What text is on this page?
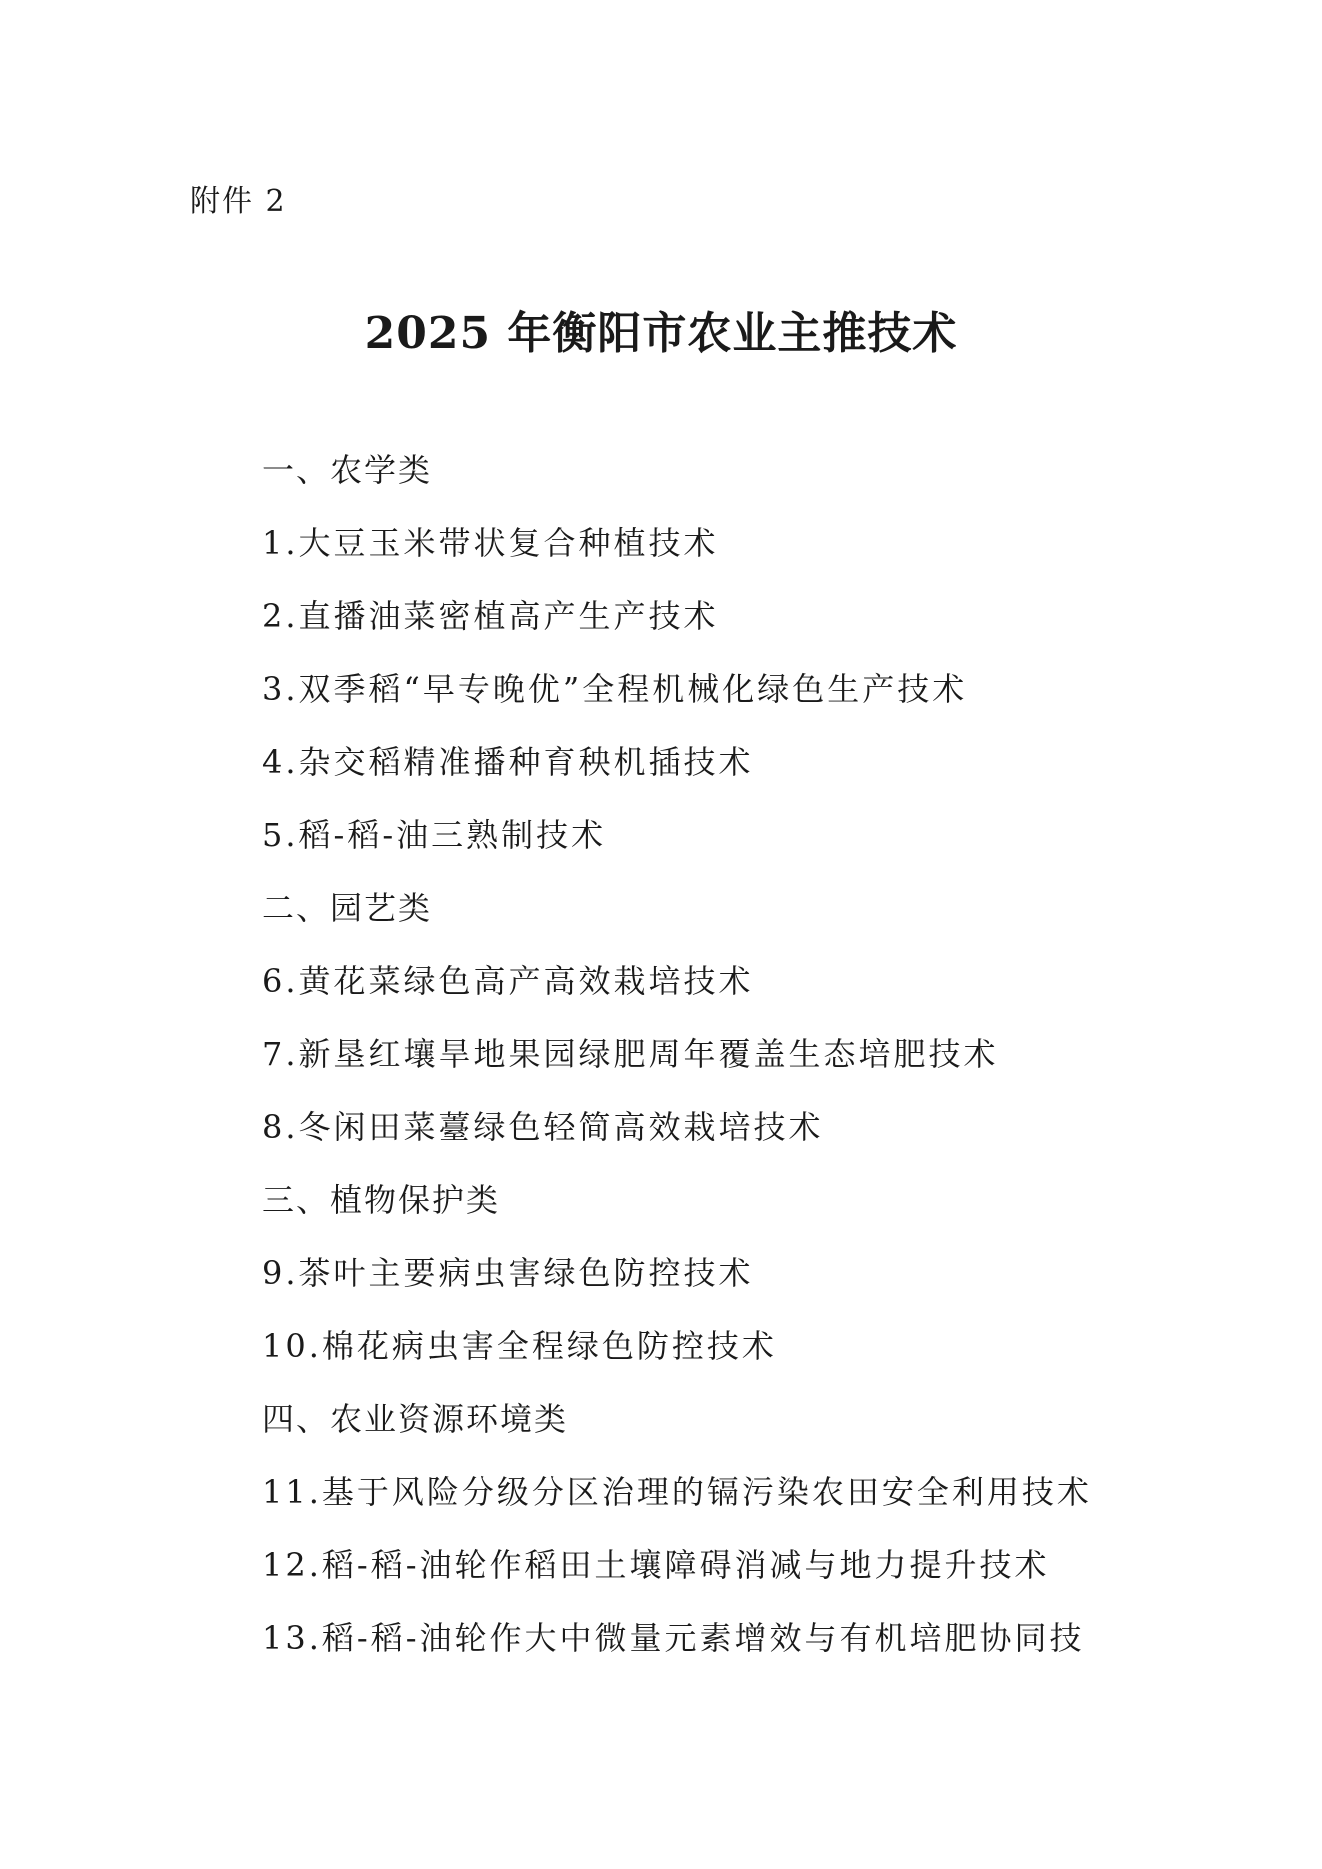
附件 2
2025 年衡阳市农业主推技术
一、农学类
1.大豆玉米带状复合种植技术
2.直播油菜密植高产生产技术
3.双季稻“早专晚优”全程机械化绿色生产技术
4.杂交稻精准播种育秧机插技术
5.稻-稻-油三熟制技术
二、园艺类
6.黄花菜绿色高产高效栽培技术
7.新垦红壤旱地果园绿肥周年覆盖生态培肥技术
8.冬闲田菜薹绿色轻简高效栽培技术
三、植物保护类
9.茶叶主要病虫害绿色防控技术
10.棉花病虫害全程绿色防控技术
四、农业资源环境类
11.基于风险分级分区治理的镉污染农田安全利用技术
12.稻-稻-油轮作稻田土壤障碍消减与地力提升技术
13.稻-稻-油轮作大中微量元素增效与有机培肥协同技
